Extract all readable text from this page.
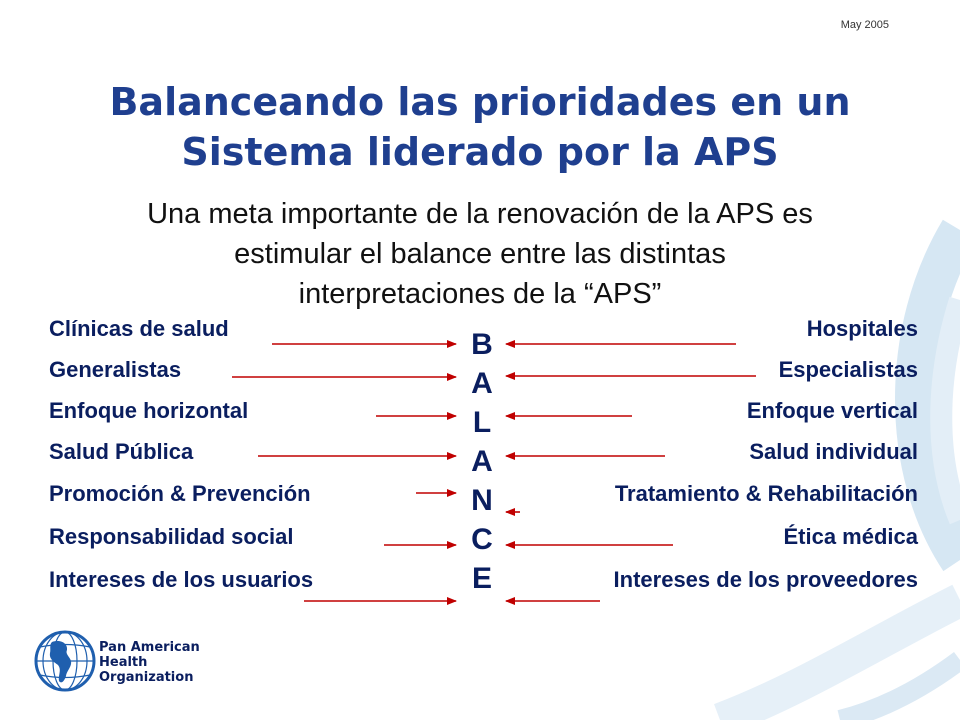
May 2005
Balanceando las prioridades en un
Sistema liderado por la APS

Una meta importante de la renovación de la APS es
estimular el balance entre las distintas
interpretaciones de la “APS”

Clínicas de salud
Generalistas
Enfoque horizontal
Salud Pública
Promoción & Prevención
Responsabilidad social
Intereses de los usuarios
Hospitales
Especialistas
Enfoque vertical
Salud individual
Tratamiento & Rehabilitación
Ética médica
Intereses de los proveedores
B
A
L
A
N
C
E
Pan American
Health
Organization
